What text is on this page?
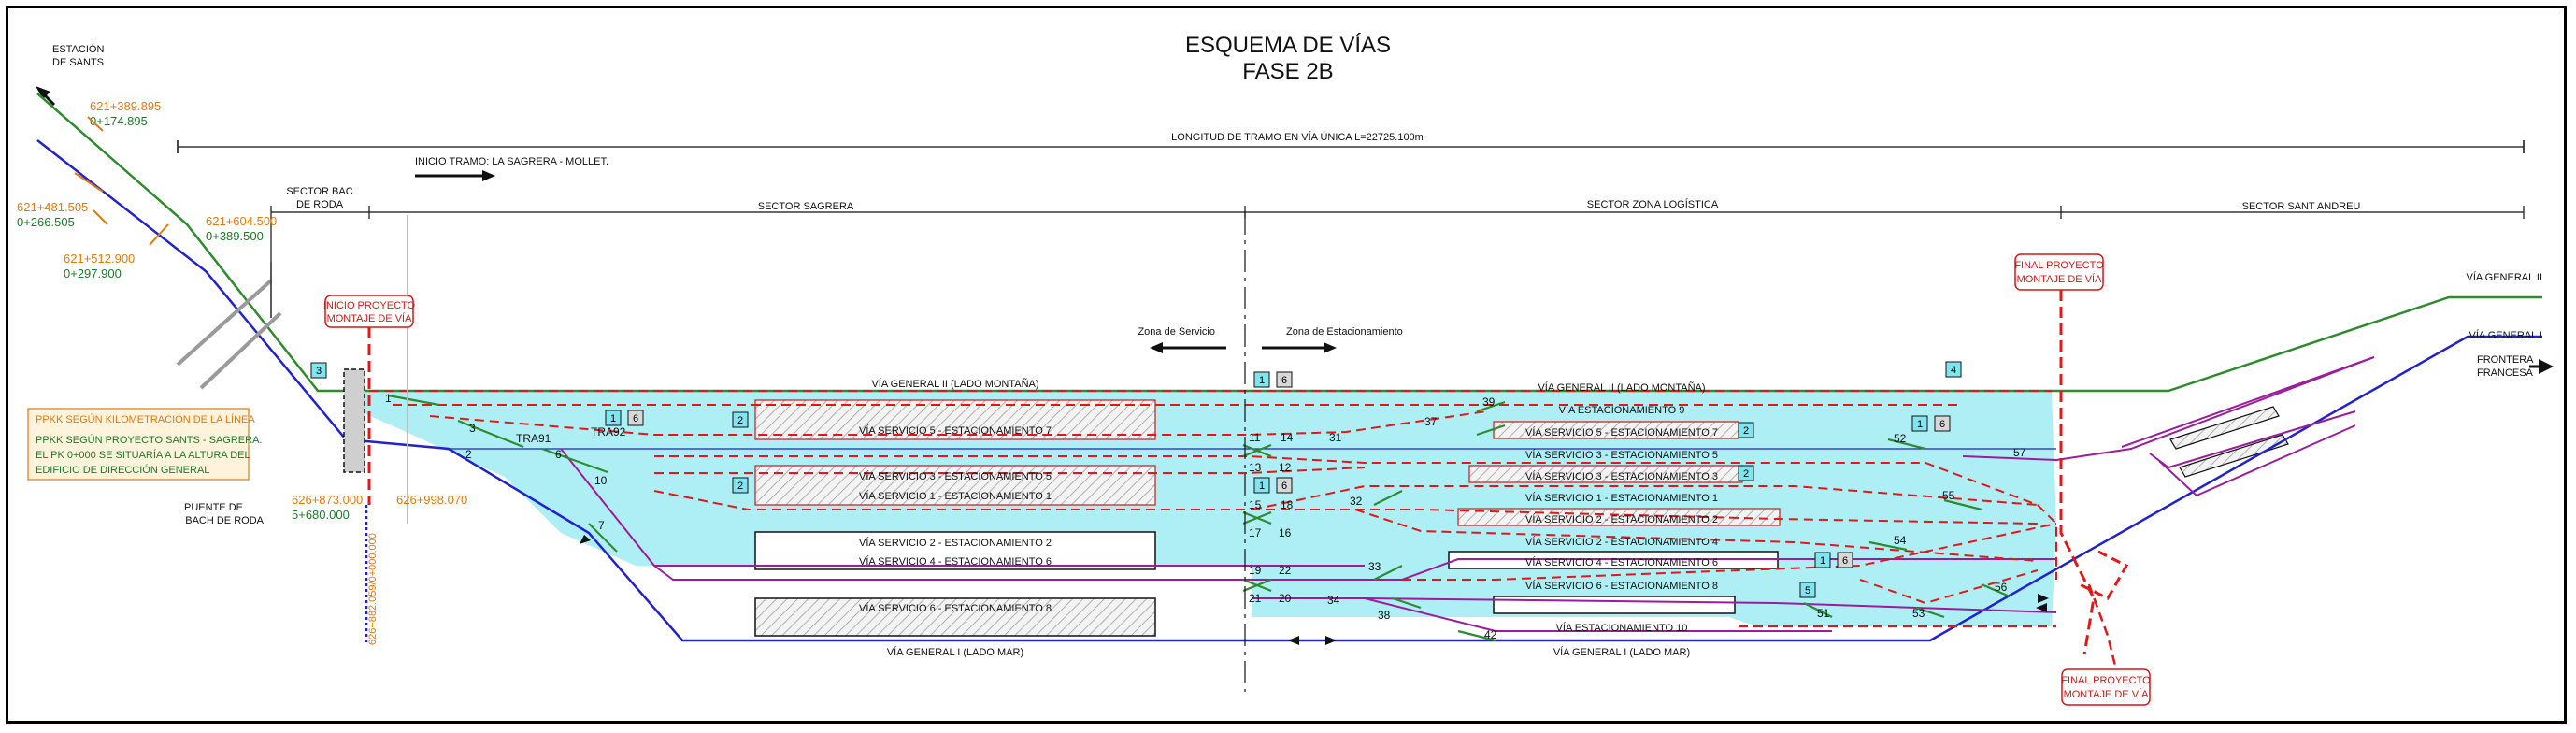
ESQUEMA DE VÍAS
FASE 2B
LONGITUD DE TRAMO EN VÍA ÚNICA L=22725.100m
SECTOR BAC
DE RODA	SECTOR SAGRERA	SECTOR ZONA LOGÍSTICA	SECTOR SANT ANDREU
INICIO TRAMO: LA SAGRERA - MOLLET.
ESTACIÓN
DE SANTS
PUENTE DE
BACH DE RODA
621+389.895
0+174.895
621+481.505
0+266.505	621+604.500
0+389.500
621+512.900
0+297.900
626+873.000
5+680.000
626+998.070
626+882.059/0+000.000
PPKK SEGÚN KILOMETRACIÓN DE LA LÍNEA
PPKK SEGÚN PROYECTO SANTS - SAGRERA.
EL PK 0+000 SE SITUARÍA A LA ALTURA DEL
EDIFICIO DE DIRECCIÓN GENERAL
INICIO PROYECTO
MONTAJE DE VÍA
FINAL PROYECTO
MONTAJE DE VÍA
FINAL PROYECTO
MONTAJE DE VÍA
Zona de Servicio	Zona de Estacionamiento
VÍA GENERAL II (LADO MONTAÑA)	VÍA GENERAL II (LADO MONTAÑA)
VÍA GENERAL I (LADO MAR)	VÍA GENERAL I (LADO MAR)
VÍA SERVICIO 5 - ESTACIONAMIENTO 7
VÍA SERVICIO 3 - ESTACIONAMIENTO 5
VÍA SERVICIO 1 - ESTACIONAMIENTO 1
VÍA SERVICIO 2 - ESTACIONAMIENTO 2
VÍA SERVICIO 4 - ESTACIONAMIENTO 6
VÍA SERVICIO 6 - ESTACIONAMIENTO 8
VÍA ESTACIONAMIENTO 9
VÍA ESTACIONAMIENTO 10
VÍA SERVICIO 5 - ESTACIONAMIENTO 7
VÍA SERVICIO 3 - ESTACIONAMIENTO 5
VÍA SERVICIO 3 - ESTACIONAMIENTO 3
VÍA SERVICIO 1 - ESTACIONAMIENTO 1
VÍA SERVICIO 2 - ESTACIONAMIENTO 2
VÍA SERVICIO 2 - ESTACIONAMIENTO 4
VÍA SERVICIO 4 - ESTACIONAMIENTO 6
VÍA SERVICIO 6 - ESTACIONAMIENTO 8
VÍA GENERAL II
VÍA GENERAL I
FRONTERA
FRANCESA
TRA91	TRA92
3
2
2
1 6
1 6
1 6
4
2
2
1 6
1 6
5
1
2
3
6
7
10
11
12
13
14
15
16
17
18
19
20
21
22
31
32
33
34
37
38
39
42
51
52
53
54
55
56
57
